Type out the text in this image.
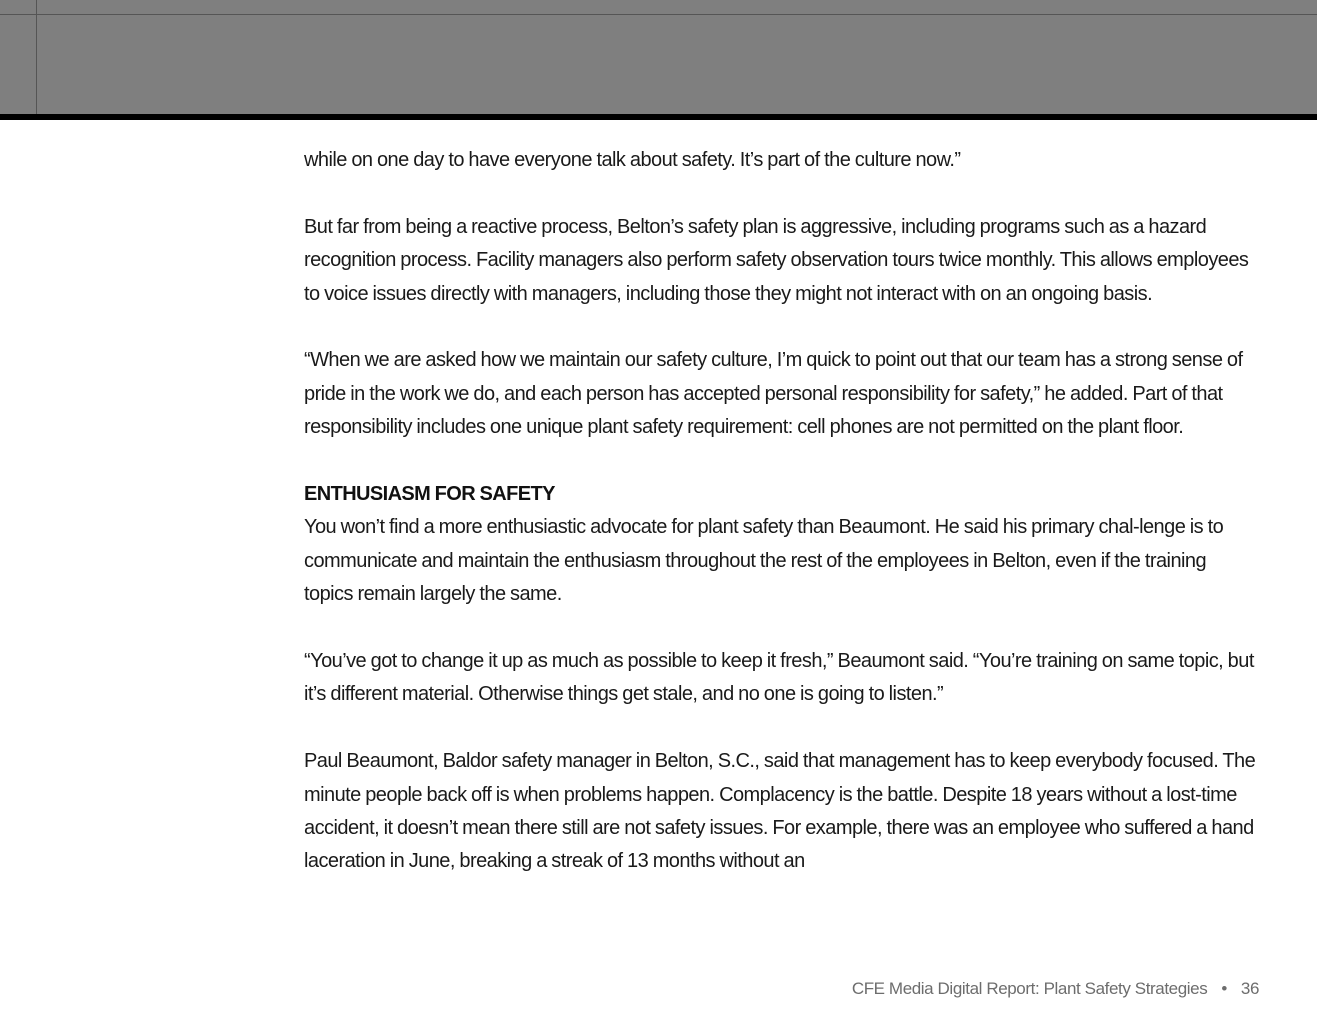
while on one day to have everyone talk about safety. It’s part of the culture now.”

But far from being a reactive process, Belton’s safety plan is aggressive, including programs such as a hazard recognition process. Facility managers also perform safety observation tours twice monthly. This allows employees to voice issues directly with managers, including those they might not interact with on an ongoing basis.

“When we are asked how we maintain our safety culture, I’m quick to point out that our team has a strong sense of pride in the work we do, and each person has accepted personal responsibility for safety,” he added. Part of that responsibility includes one unique plant safety requirement: cell phones are not permitted on the plant floor.

ENTHUSIASM FOR SAFETY

You won’t find a more enthusiastic advocate for plant safety than Beaumont. He said his primary chal-lenge is to communicate and maintain the enthusiasm throughout the rest of the employees in Belton, even if the training topics remain largely the same.

“You’ve got to change it up as much as possible to keep it fresh,” Beaumont said. “You’re training on same topic, but it’s different material. Otherwise things get stale, and no one is going to listen.”

Paul Beaumont, Baldor safety manager in Belton, S.C., said that management has to keep everybody focused. The minute people back off is when problems happen. Complacency is the battle. Despite 18 years without a lost-time accident, it doesn’t mean there still are not safety issues. For example, there was an employee who suffered a hand laceration in June, breaking a streak of 13 months without an

CFE Media Digital Report: Plant Safety Strategies • 36
